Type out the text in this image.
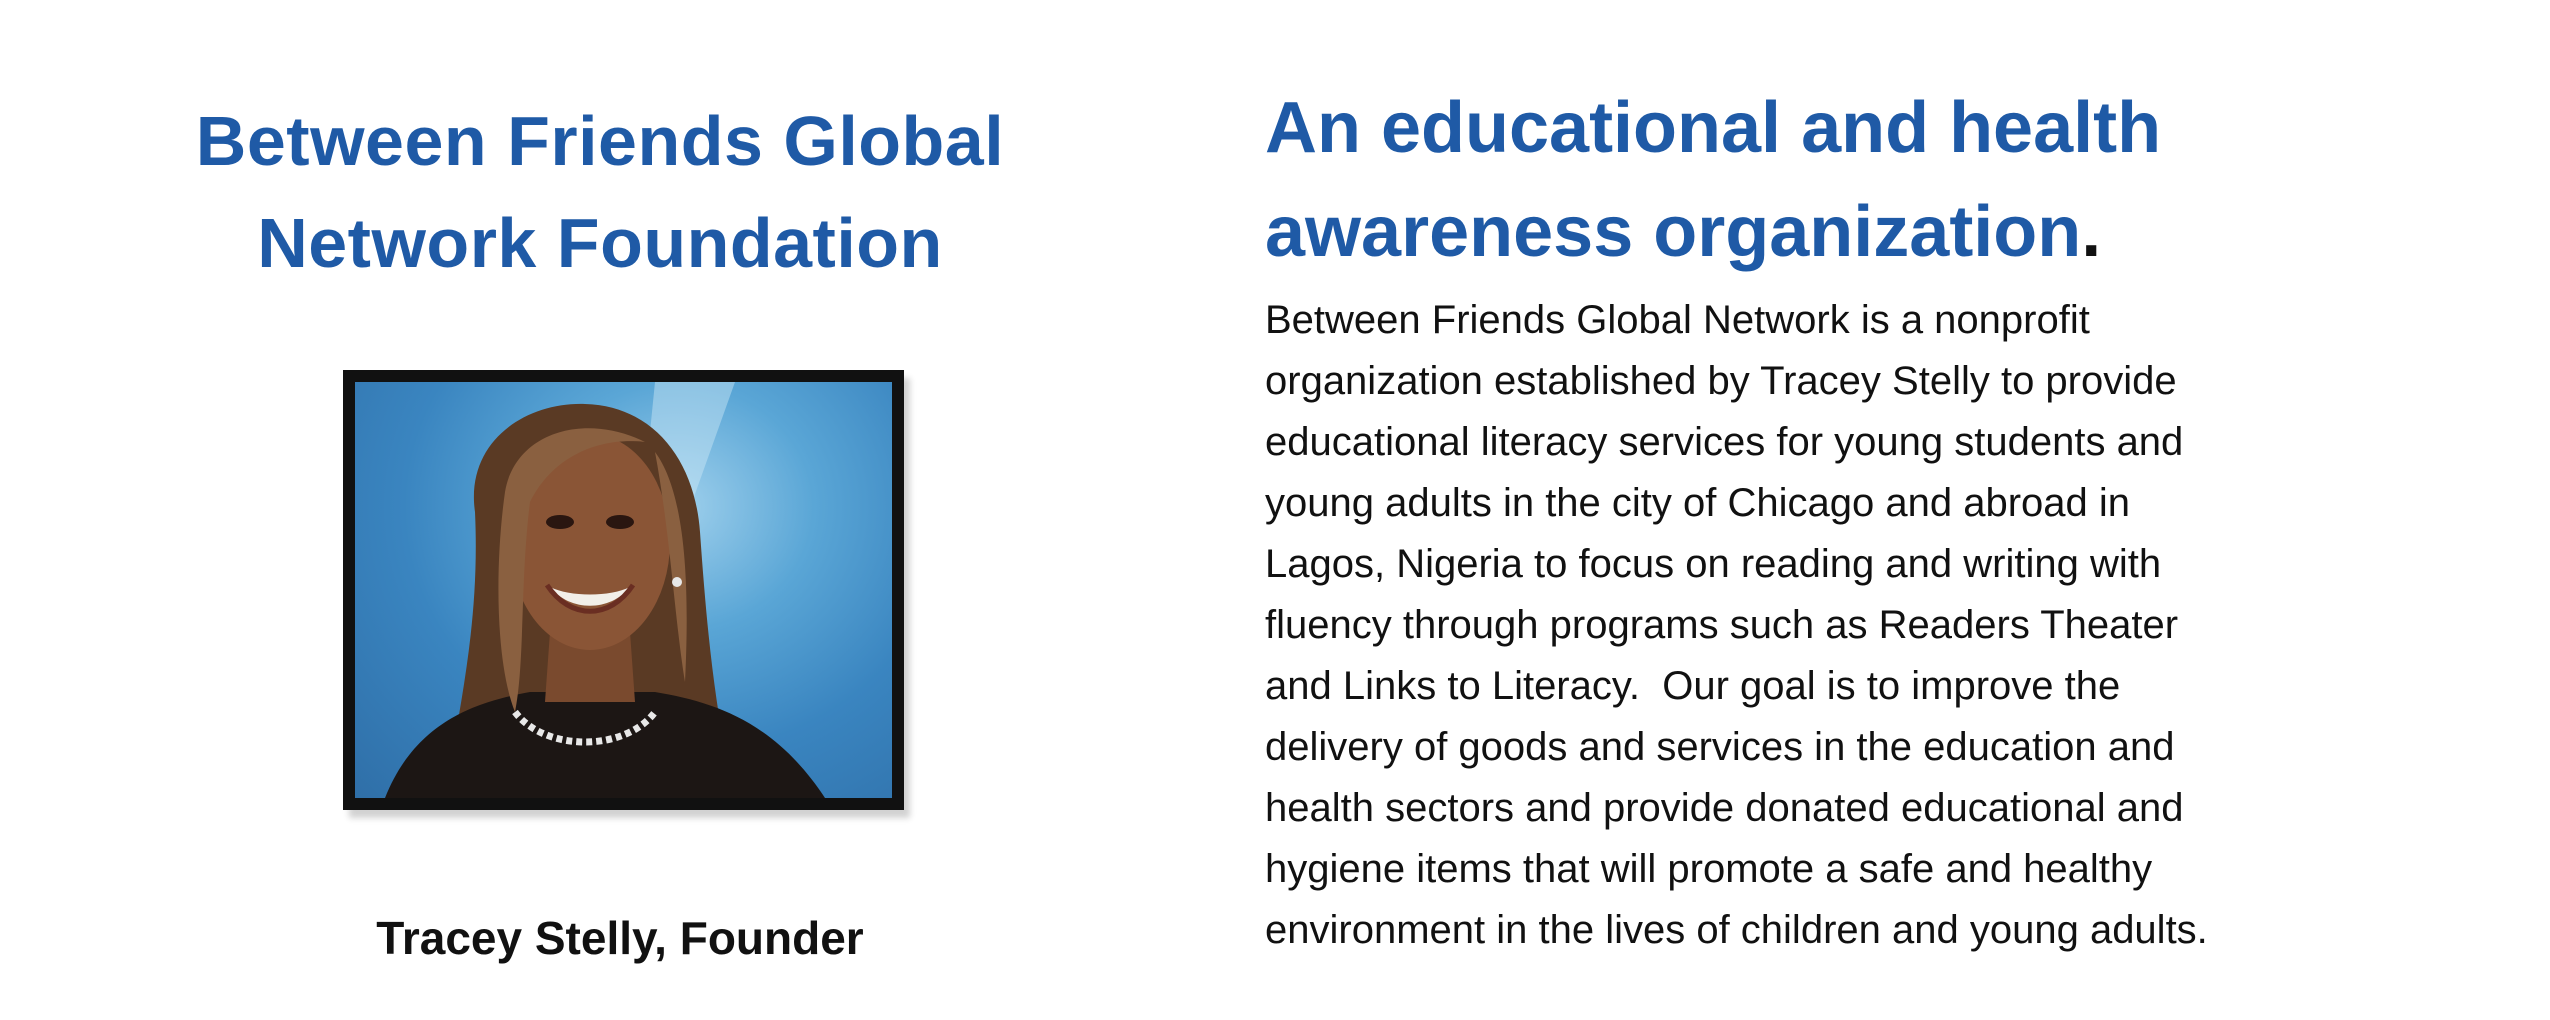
Between Friends Global
Network Foundation

Tracey Stelly, Founder

An educational and health
awareness organization.

Between Friends Global Network is a nonprofit
organization established by Tracey Stelly to provide
educational literacy services for young students and
young adults in the city of Chicago and abroad in
Lagos, Nigeria to focus on reading and writing with
fluency through programs such as Readers Theater
and Links to Literacy.  Our goal is to improve the
delivery of goods and services in the education and
health sectors and provide donated educational and
hygiene items that will promote a safe and healthy
environment in the lives of children and young adults.
